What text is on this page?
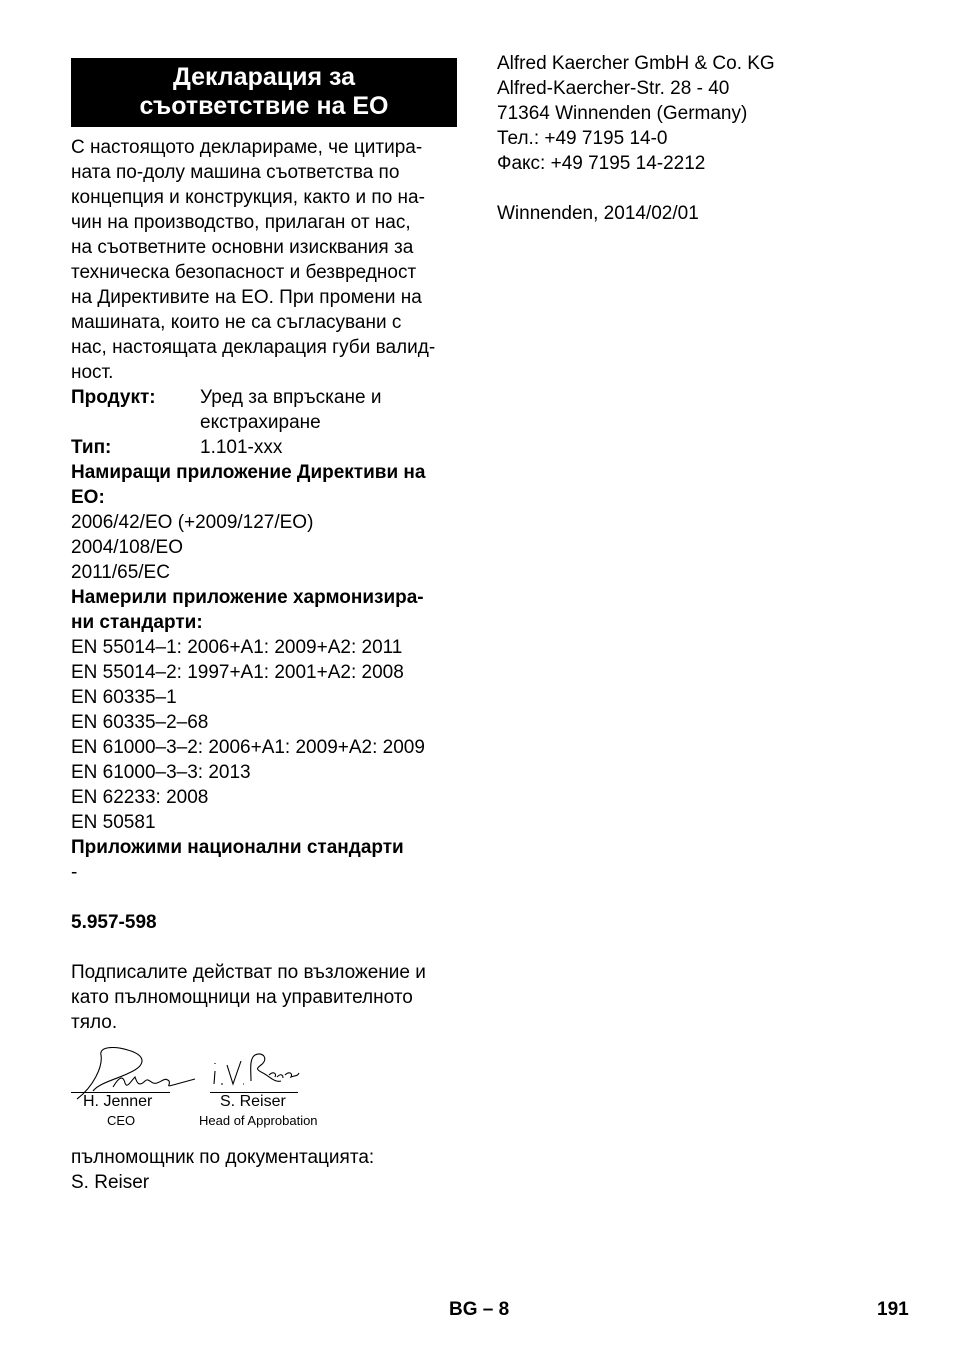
Декларация за
съответствие на ЕО

С настоящото декларираме, че цитира-
ната по-долу машина съответства по
концепция и конструкция, както и по на-
чин на производство, прилаган от нас,
на съответните основни изисквания за
техническа безопасност и безвредност
на Директивите на ЕО. При промени на
машината, които не са съгласувани с
нас, настоящата декларация губи валид-
ност.

Продукт:	Уред за впръскане и
екстрахиране
Тип:	1.101-xxx
Намиращи приложение Директиви на
ЕО:
2006/42/ЕО (+2009/127/ЕО)
2004/108/ЕО
2011/65/EC
Намерили приложение хармонизира-
ни стандарти:
EN 55014–1: 2006+A1: 2009+A2: 2011
EN 55014–2: 1997+A1: 2001+A2: 2008
EN 60335–1
EN 60335–2–68
EN 61000–3–2: 2006+A1: 2009+A2: 2009
EN 61000–3–3: 2013
EN 62233: 2008
EN 50581
Приложими национални стандарти
-
5.957-598
Подписалите действат по възложение и
като пълномощници на управителното
тяло.
H. Jenner	S. Reiser
CEO	Head of Approbation
пълномощник по документацията:
S. Reiser
Alfred Kaercher GmbH & Co. KG
Alfred-Kaercher-Str. 28 - 40
71364 Winnenden (Germany)
Тел.: +49 7195 14-0
Факс: +49 7195 14-2212
Winnenden, 2014/02/01
BG – 8	191
